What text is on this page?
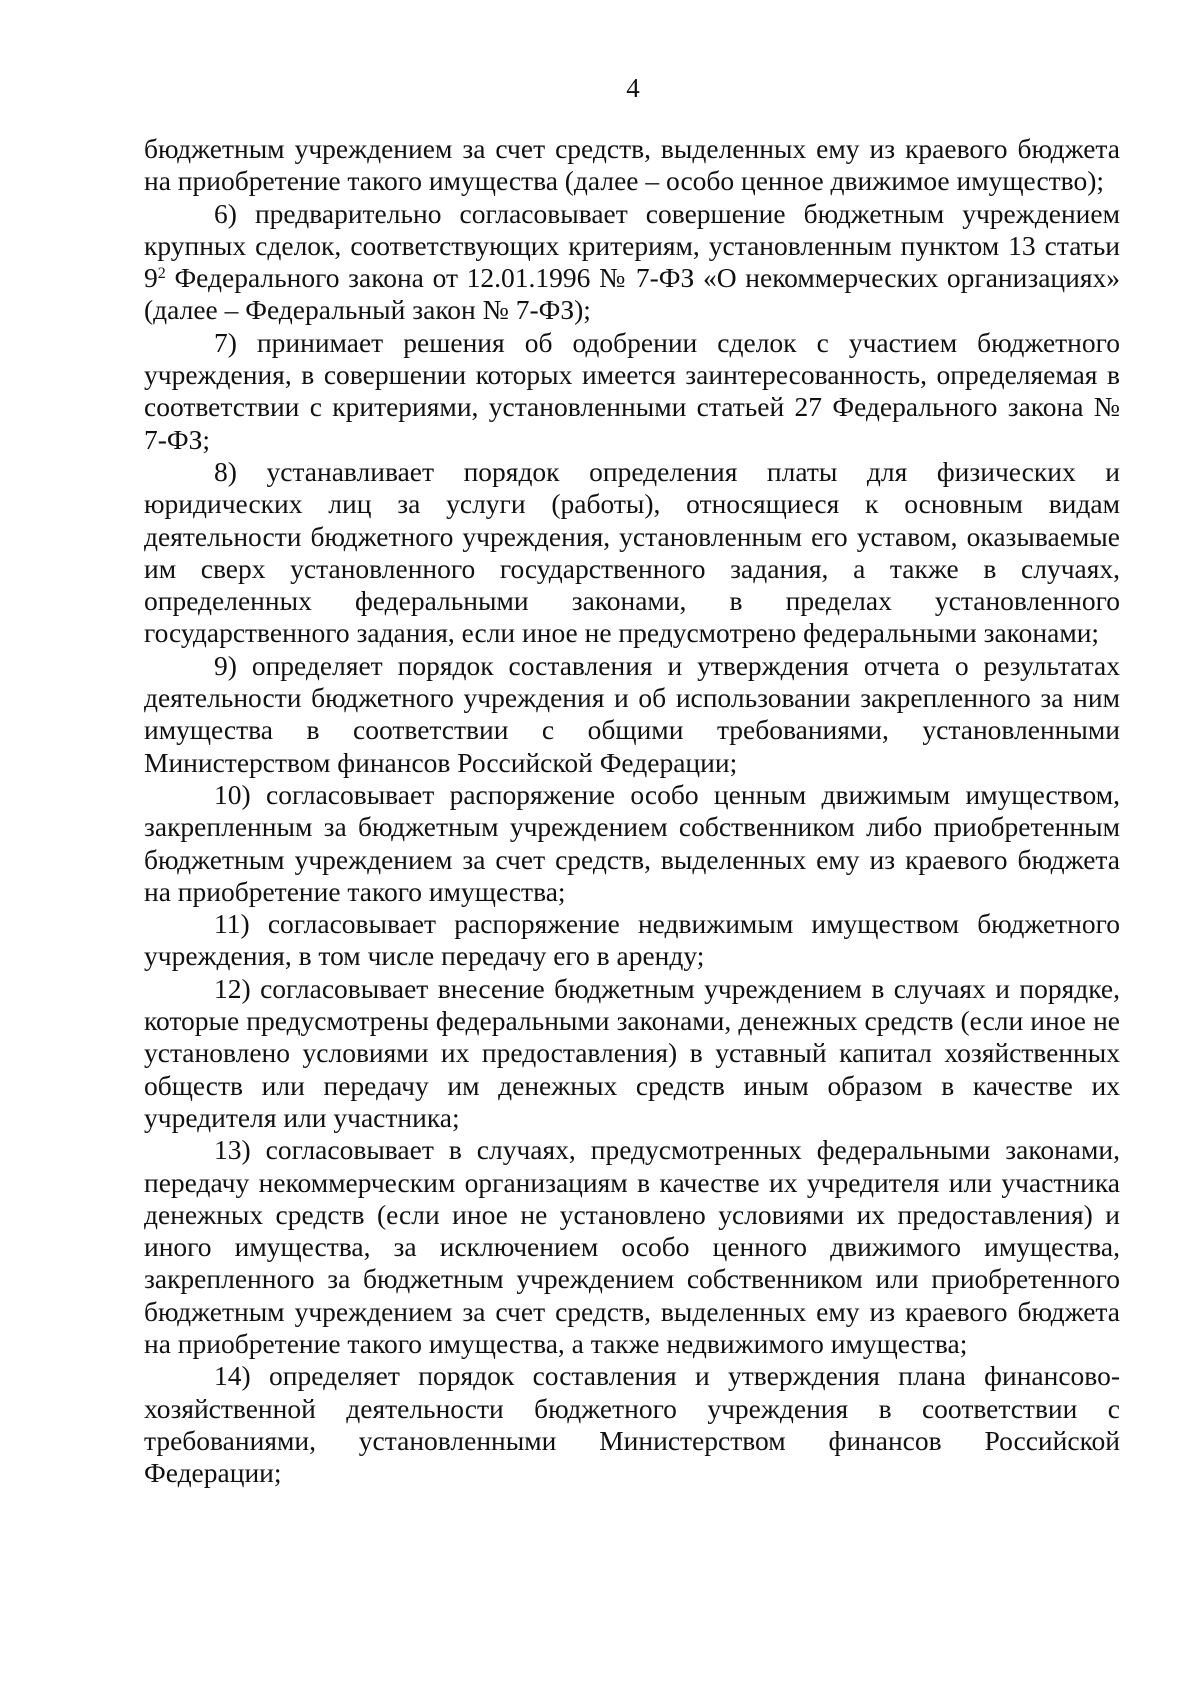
4

бюджетным учреждением за счет средств, выделенных ему из краевого бюджета на приобретение такого имущества (далее – особо ценное движимое имущество);

6) предварительно согласовывает совершение бюджетным учреждением крупных сделок, соответствующих критериям, установленным пунктом 13 статьи $9^2$ Федерального закона от 12.01.1996 № 7-ФЗ «О некоммерческих организациях» (далее – Федеральный закон № 7-ФЗ);

7) принимает решения об одобрении сделок с участием бюджетного учреждения, в совершении которых имеется заинтересованность, определяемая в соответствии с критериями, установленными статьей 27 Федерального закона № 7-ФЗ;

8) устанавливает порядок определения платы для физических и юридических лиц за услуги (работы), относящиеся к основным видам деятельности бюджетного учреждения, установленным его уставом, оказываемые им сверх установленного государственного задания, а также в случаях, определенных федеральными законами, в пределах установленного государственного задания, если иное не предусмотрено федеральными законами;

9) определяет порядок составления и утверждения отчета о результатах деятельности бюджетного учреждения и об использовании закрепленного за ним имущества в соответствии с общими требованиями, установленными Министерством финансов Российской Федерации;

10) согласовывает распоряжение особо ценным движимым имуществом, закрепленным за бюджетным учреждением собственником либо приобретенным бюджетным учреждением за счет средств, выделенных ему из краевого бюджета на приобретение такого имущества;

11) согласовывает распоряжение недвижимым имуществом бюджетного учреждения, в том числе передачу его в аренду;

12) согласовывает внесение бюджетным учреждением в случаях и порядке, которые предусмотрены федеральными законами, денежных средств (если иное не установлено условиями их предоставления) в уставный капитал хозяйственных обществ или передачу им денежных средств иным образом в качестве их учредителя или участника;

13) согласовывает в случаях, предусмотренных федеральными законами, передачу некоммерческим организациям в качестве их учредителя или участника денежных средств (если иное не установлено условиями их предоставления) и иного имущества, за исключением особо ценного движимого имущества, закрепленного за бюджетным учреждением собственником или приобретенного бюджетным учреждением за счет средств, выделенных ему из краевого бюджета на приобретение такого имущества, а также недвижимого имущества;

14) определяет порядок составления и утверждения плана финансово-хозяйственной деятельности бюджетного учреждения в соответствии с требованиями, установленными Министерством финансов Российской Федерации;
